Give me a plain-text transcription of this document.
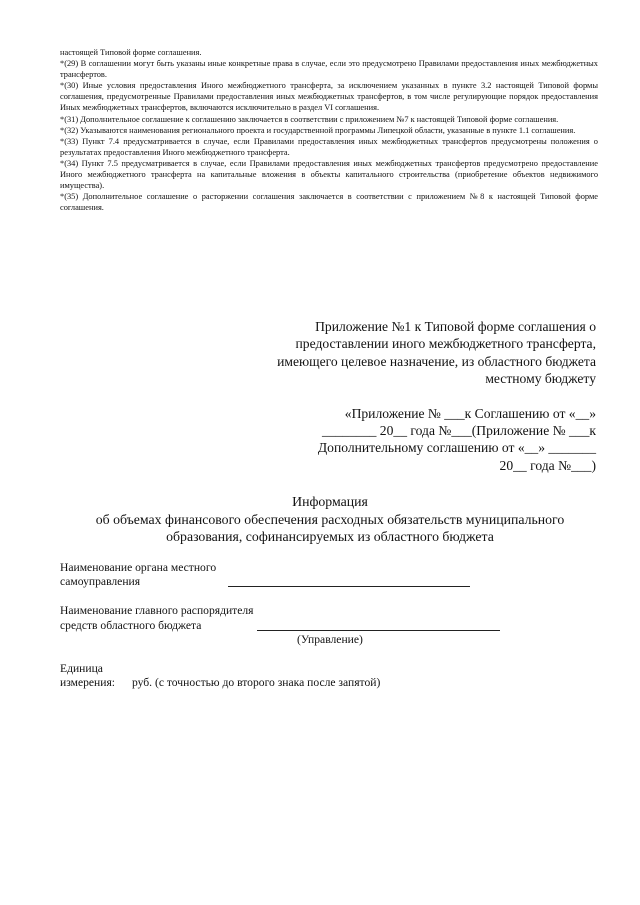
настоящей Типовой форме соглашения.

*(29) В соглашении могут быть указаны иные конкретные права в случае, если это предусмотрено Правилами предоставления иных межбюджетных трансфертов.

*(30) Иные условия предоставления Иного межбюджетного трансферта, за исключением указанных в пункте 3.2 настоящей Типовой формы соглашения, предусмотренные Правилами предоставления иных межбюджетных трансфертов, в том числе регулирующие порядок предоставления Иных межбюджетных трансфертов, включаются исключительно в раздел VI соглашения.

*(31) Дополнительное соглашение к соглашению заключается в соответствии с приложением №7 к настоящей Типовой форме соглашения.

*(32) Указываются наименования регионального проекта и государственной программы Липецкой области, указанные в пункте 1.1 соглашения.

*(33) Пункт 7.4 предусматривается в случае, если Правилами предоставления иных межбюджетных трансфертов предусмотрены положения о результатах предоставления Иного межбюджетного трансферта.

*(34) Пункт 7.5 предусматривается в случае, если Правилами предоставления иных межбюджетных трансфертов предусмотрено предоставление Иного межбюджетного трансферта на капитальные вложения в объекты капитального строительства (приобретение объектов недвижимого имущества).

*(35) Дополнительное соглашение о расторжении соглашения заключается в соответствии с приложением №8 к настоящей Типовой форме соглашения.

Приложение №1 к Типовой форме соглашения о

предоставлении иного межбюджетного трансферта,

имеющего целевое назначение, из областного бюджета

местному бюджету

«Приложение № ___к Соглашению от «__»

________ 20__ года №___(Приложение № ___к

Дополнительному соглашению от «__» _______

20__ года №___)

Информация

об объемах финансового обеспечения расходных обязательств муниципального

образования, софинансируемых из областного бюджета

Наименование органа местного
самоуправления
Наименование главного распорядителя
средств областного бюджета
(Управление)
Единица
измерения: руб. (с точностью до второго знака после запятой)
